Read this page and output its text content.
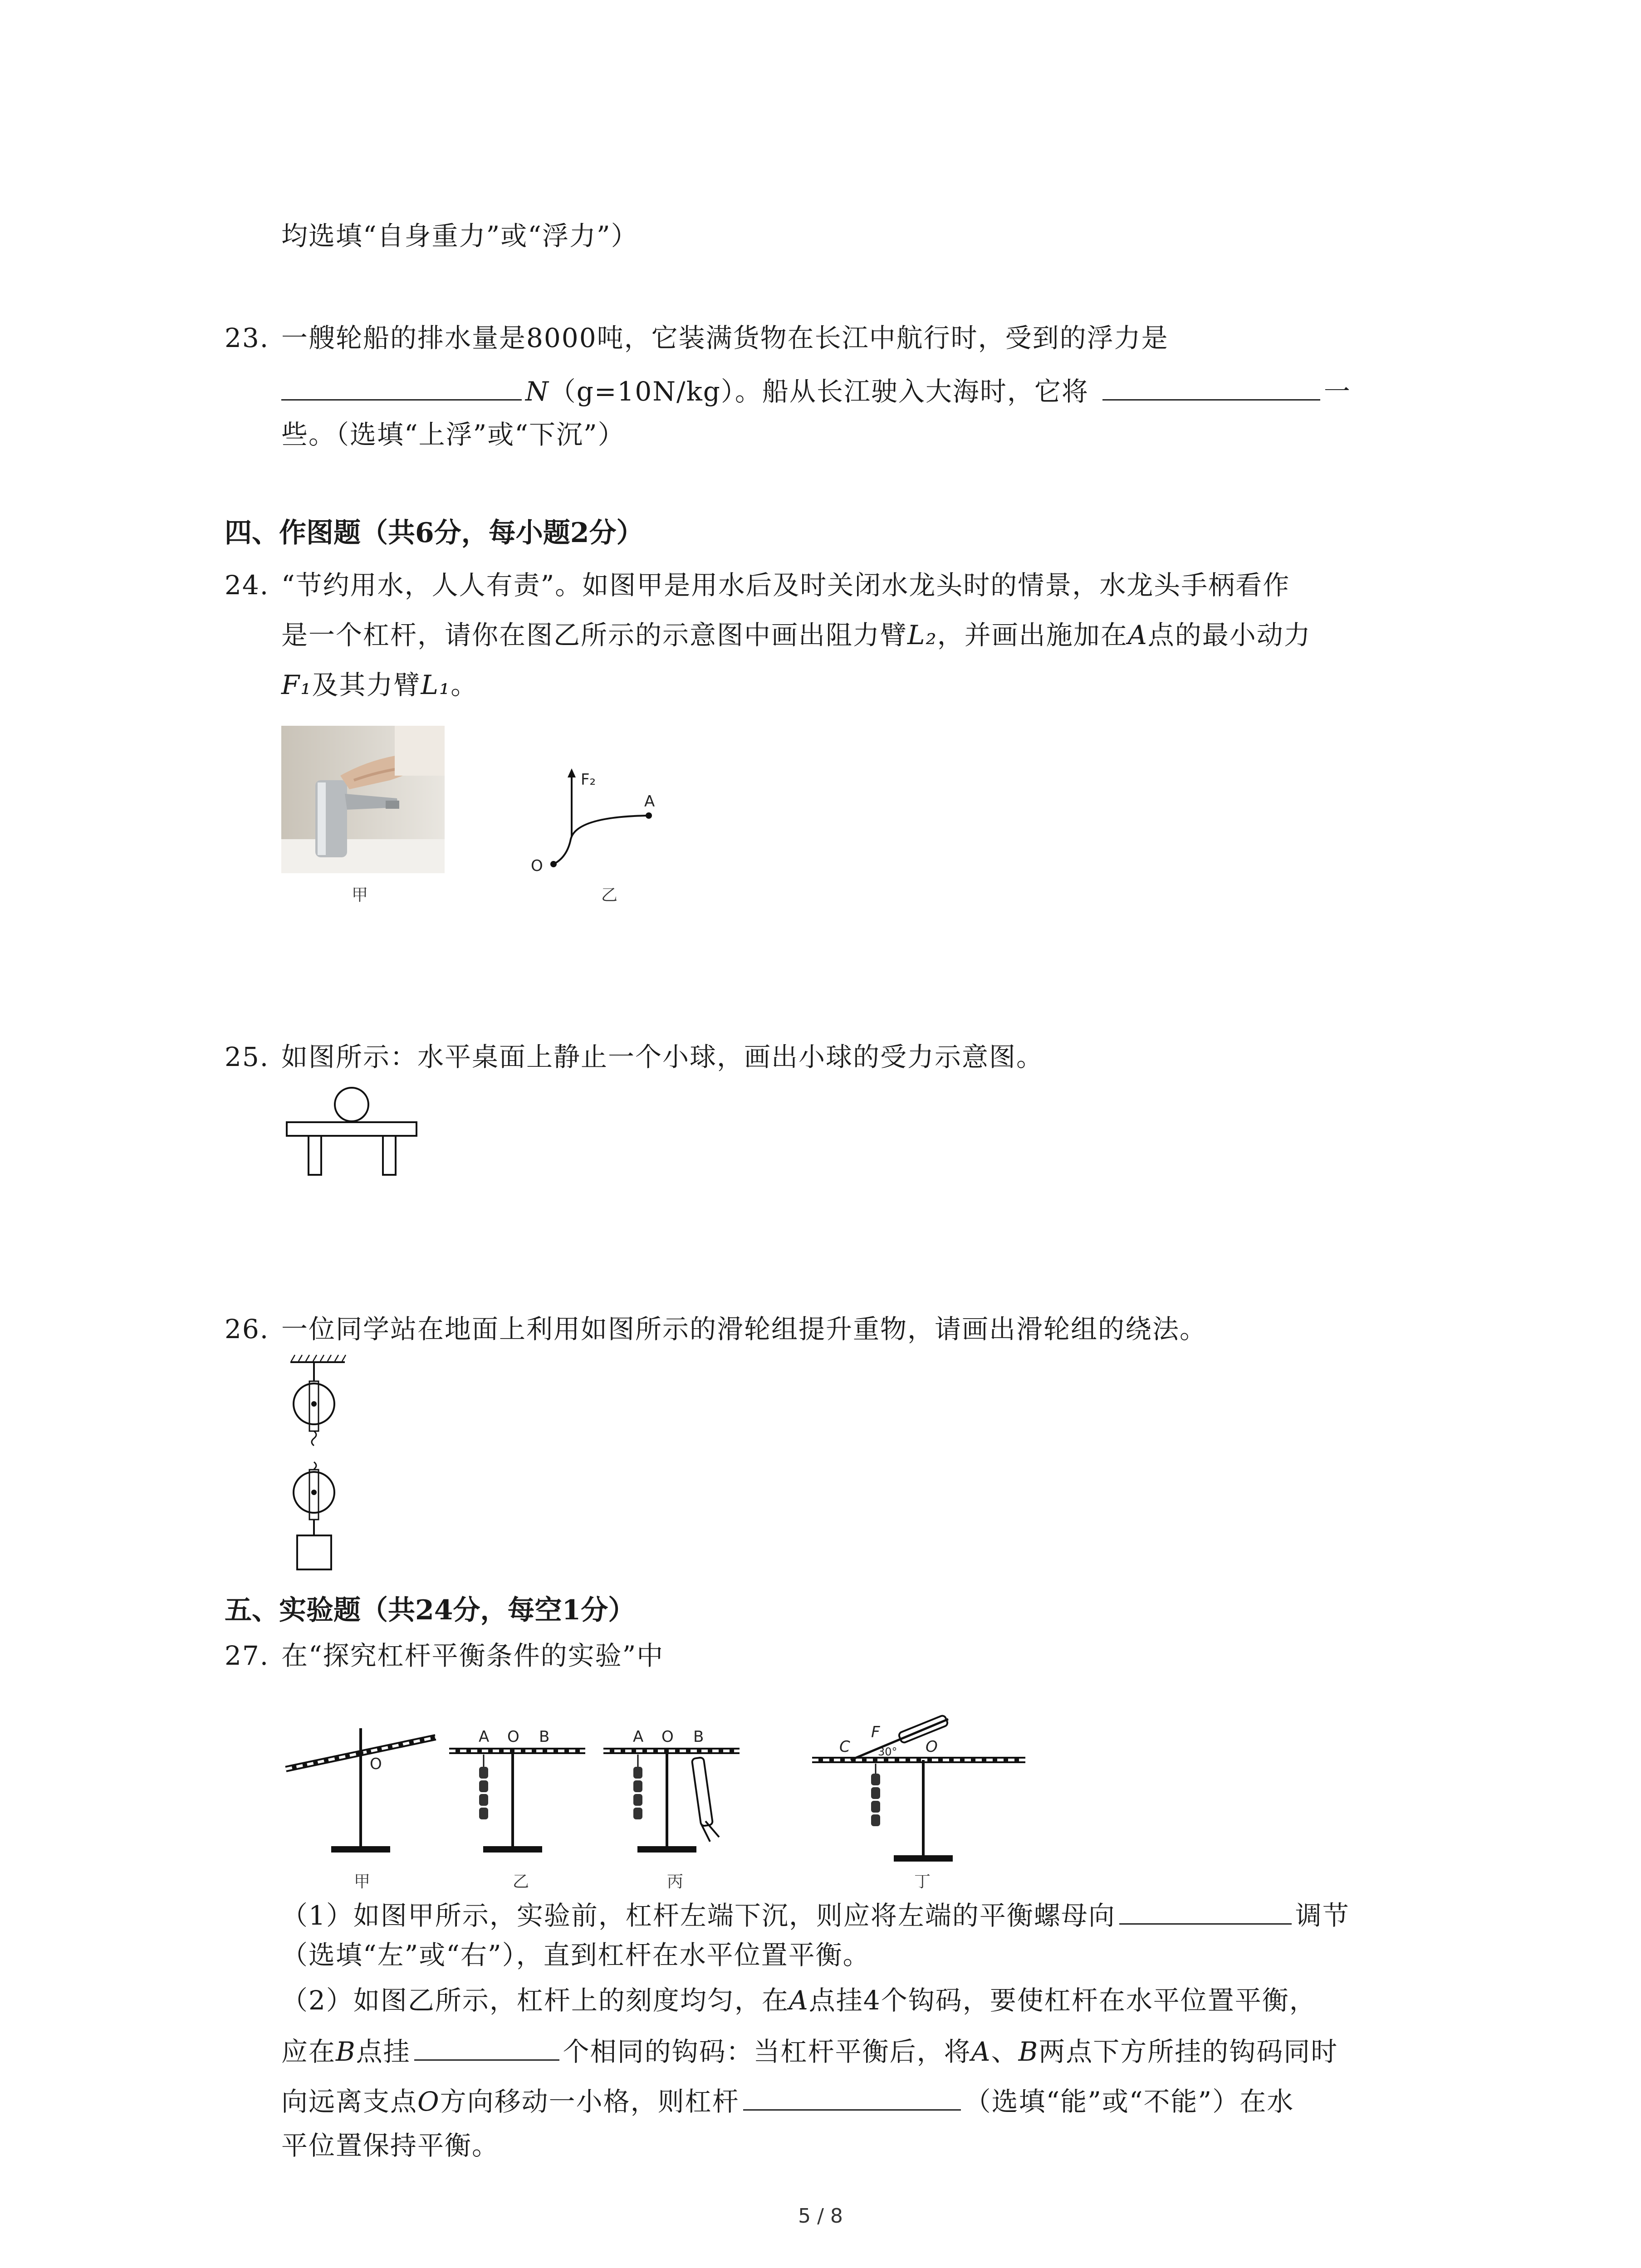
均选填“自身重力”或“浮力”）
23. 一艘轮船的排水量是8000吨，它装满货物在长江中航行时，受到的浮力是
N（g=10N/kg）。船从长江驶入大海时，它将	一
些。（选填“上浮”或“下沉”）
四、作图题（共6分，每小题2分）
24. “节约用水，人人有责”。如图甲是用水后及时关闭水龙头时的情景，水龙头手柄看作
是一个杠杆，请你在图乙所示的示意图中画出阻力臂L₂，并画出施加在A点的最小动力
F₁及其力臂L₁。
甲
F₂
A
O
乙
25. 如图所示：水平桌面上静止一个小球，画出小球的受力示意图。
26. 一位同学站在地面上利用如图所示的滑轮组提升重物，请画出滑轮组的绕法。
五、实验题（共24分，每空1分）
27. 在“探究杠杆平衡条件的实验”中
O
A O B	A O B
C
F
30° O
甲	乙	丙	丁
（1）如图甲所示，实验前，杠杆左端下沉，则应将左端的平衡螺母向	调节
（选填“左”或“右”），直到杠杆在水平位置平衡。
（2）如图乙所示，杠杆上的刻度均匀，在A点挂4个钩码，要使杠杆在水平位置平衡，
应在B点挂	个相同的钩码：当杠杆平衡后，将A、B两点下方所挂的钩码同时
向远离支点O方向移动一小格，则杠杆	（选填“能”或“不能”）在水
平位置保持平衡。
5 / 8
